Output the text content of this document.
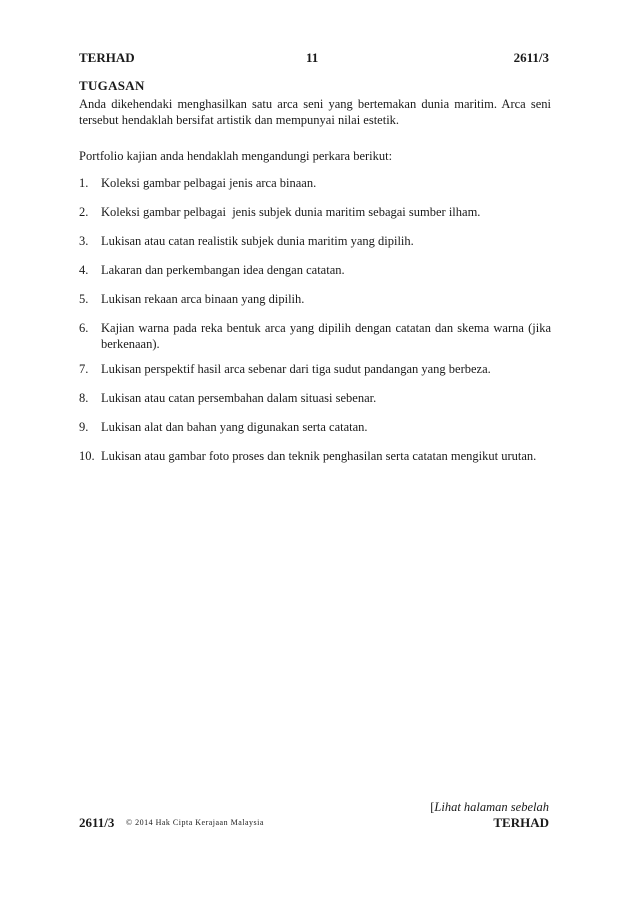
TERHAD	11	2611/3
TUGASAN
Anda dikehendaki menghasilkan satu arca seni yang bertemakan dunia maritim. Arca seni tersebut hendaklah bersifat artistik dan mempunyai nilai estetik.
Portfolio kajian anda hendaklah mengandungi perkara berikut:
1. Koleksi gambar pelbagai jenis arca binaan.
2. Koleksi gambar pelbagai  jenis subjek dunia maritim sebagai sumber ilham.
3. Lukisan atau catan realistik subjek dunia maritim yang dipilih.
4. Lakaran dan perkembangan idea dengan catatan.
5. Lukisan rekaan arca binaan yang dipilih.
6. Kajian warna pada reka bentuk arca yang dipilih dengan catatan dan skema warna (jika berkenaan).
7. Lukisan perspektif hasil arca sebenar dari tiga sudut pandangan yang berbeza.
8. Lukisan atau catan persembahan dalam situasi sebenar.
9. Lukisan alat dan bahan yang digunakan serta catatan.
10. Lukisan atau gambar foto proses dan teknik penghasilan serta catatan mengikut urutan.
[Lihat halaman sebelah
2611/3 © 2014 Hak Cipta Kerajaan Malaysia	TERHAD
